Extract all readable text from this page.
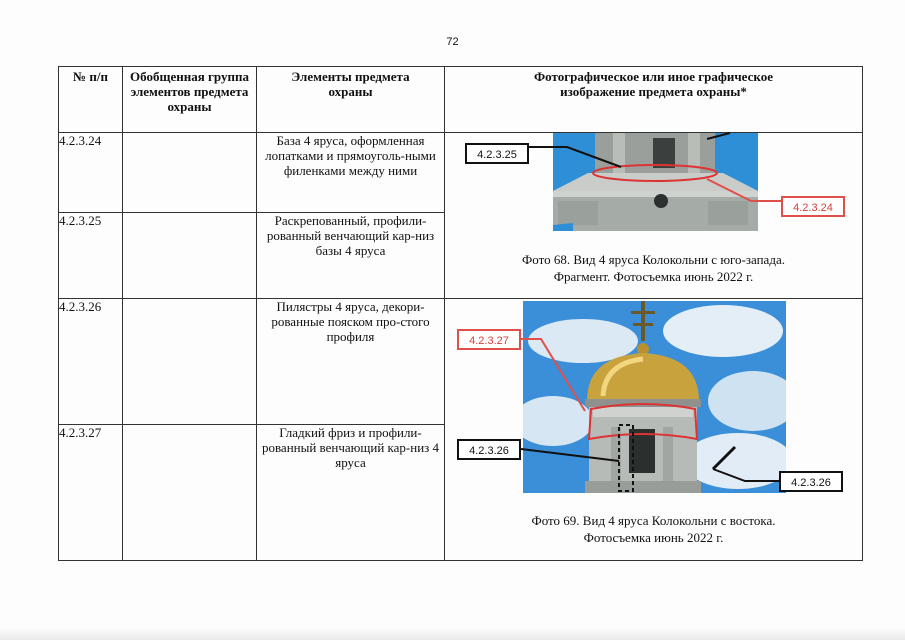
72
№ п/п	Обобщенная группа элементов предмета охраны	Элементы предмета охраны	Фотографическое или иное графическое изображение предмета охраны*
4.2.3.24		База 4 яруса, оформленная лопатками и прямоуголь-ными филенками между ними	4.2.3.25
4.2.3.24
Фото 68. Вид 4 яруса Колокольни с юго-запада.
Фрагмент. Фотосъемка июнь 2022 г.

4.2.3.25		Раскрепованный, профили-рованный венчающий кар-низ базы 4 яруса	
4.2.3.26		Пилястры 4 яруса, декори-рованные пояском про-стого профиля	4.2.3.27
4.2.3.26
4.2.3.26
Фото 69. Вид 4 яруса Колокольни с востока.
Фотосъемка июнь 2022 г.

4.2.3.27		Гладкий фриз и профили-рованный венчающий кар-низ 4 яруса	
